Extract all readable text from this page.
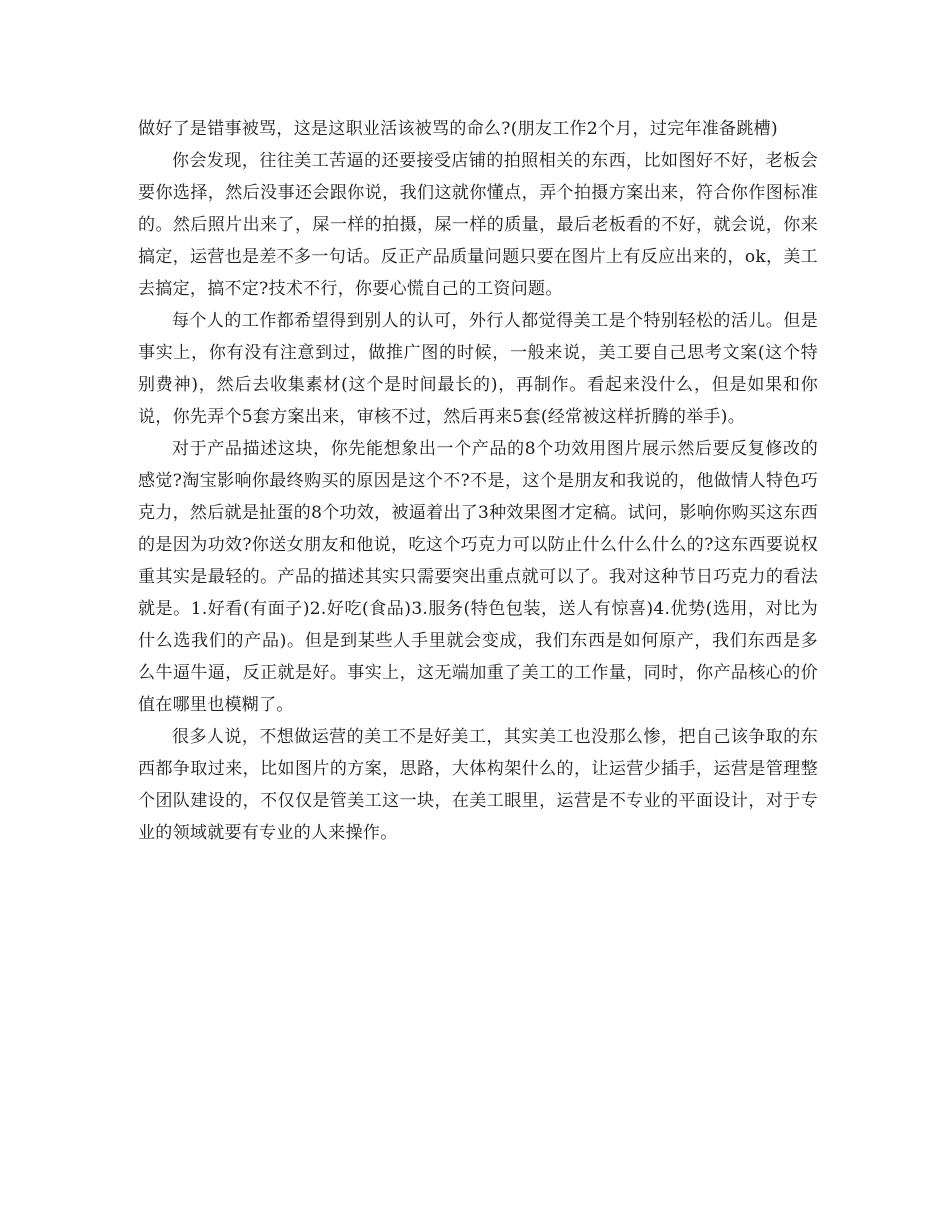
做好了是错事被骂，这是这职业活该被骂的命么?(朋友工作2个月，过完年准备跳槽)

你会发现，往往美工苦逼的还要接受店铺的拍照相关的东西，比如图好不好，老板会要你选择，然后没事还会跟你说，我们这就你懂点，弄个拍摄方案出来，符合你作图标准的。然后照片出来了，屎一样的拍摄，屎一样的质量，最后老板看的不好，就会说，你来搞定，运营也是差不多一句话。反正产品质量问题只要在图片上有反应出来的，ok，美工去搞定，搞不定?技术不行，你要心慌自己的工资问题。

每个人的工作都希望得到别人的认可，外行人都觉得美工是个特别轻松的活儿。但是事实上，你有没有注意到过，做推广图的时候，一般来说，美工要自己思考文案(这个特别费神)，然后去收集素材(这个是时间最长的)，再制作。看起来没什么，但是如果和你说，你先弄个5套方案出来，审核不过，然后再来5套(经常被这样折腾的举手)。

对于产品描述这块，你先能想象出一个产品的8个功效用图片展示然后要反复修改的感觉?淘宝影响你最终购买的原因是这个不?不是，这个是朋友和我说的，他做情人特色巧克力，然后就是扯蛋的8个功效，被逼着出了3种效果图才定稿。试问，影响你购买这东西的是因为功效?你送女朋友和他说，吃这个巧克力可以防止什么什么什么的?这东西要说权重其实是最轻的。产品的描述其实只需要突出重点就可以了。我对这种节日巧克力的看法就是。1.好看(有面子)2.好吃(食品)3.服务(特色包装，送人有惊喜)4.优势(选用，对比为什么选我们的产品)。但是到某些人手里就会变成，我们东西是如何原产，我们东西是多么牛逼牛逼，反正就是好。事实上，这无端加重了美工的工作量，同时，你产品核心的价值在哪里也模糊了。

很多人说，不想做运营的美工不是好美工，其实美工也没那么惨，把自己该争取的东西都争取过来，比如图片的方案，思路，大体构架什么的，让运营少插手，运营是管理整个团队建设的，不仅仅是管美工这一块，在美工眼里，运营是不专业的平面设计，对于专业的领域就要有专业的人来操作。
